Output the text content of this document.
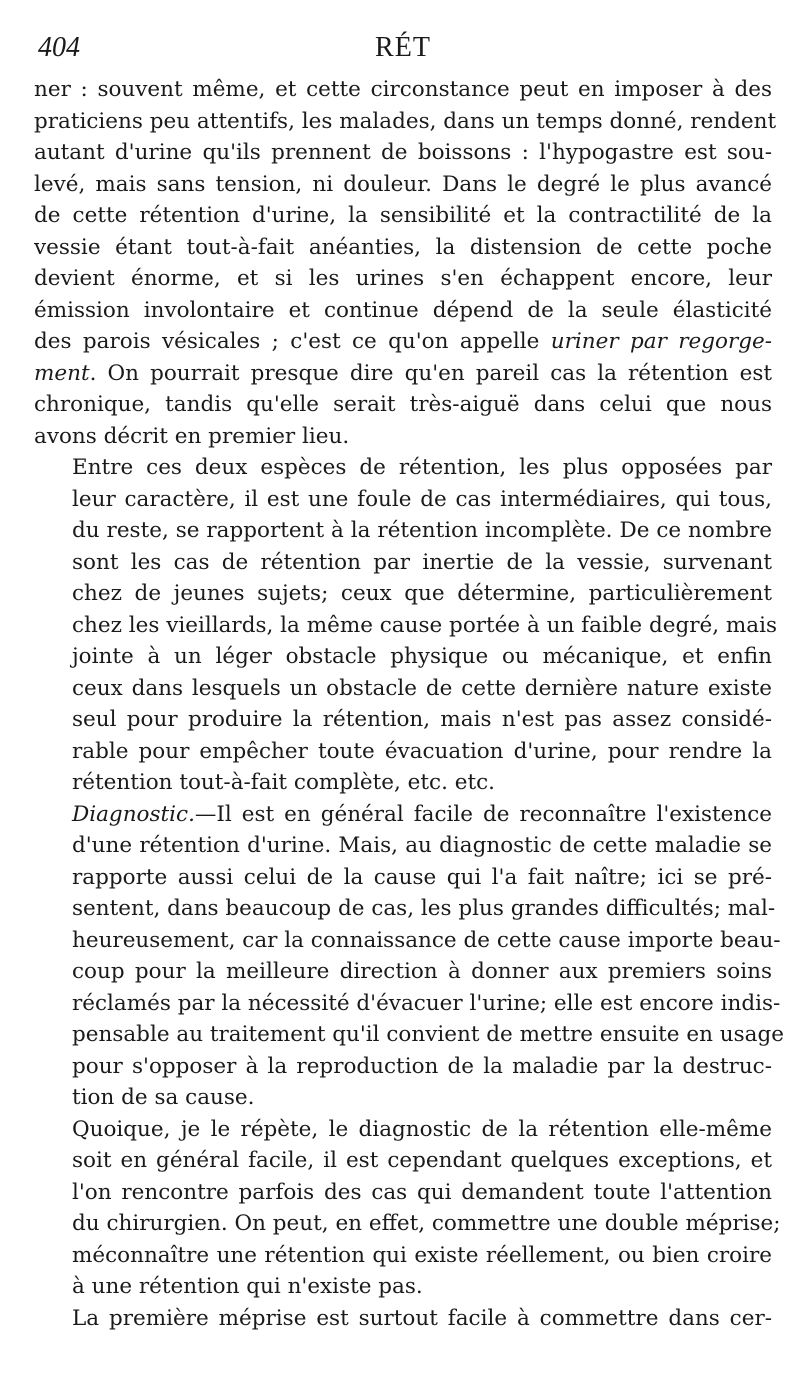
404	RÉT

ner : souvent même, et cette circonstance peut en imposer à des
praticiens peu attentifs, les malades, dans un temps donné, rendent
autant d'urine qu'ils prennent de boissons : l'hypogastre est sou-
levé, mais sans tension, ni douleur. Dans le degré le plus avancé
de cette rétention d'urine, la sensibilité et la contractilité de la
vessie étant tout-à-fait anéanties, la distension de cette poche
devient énorme, et si les urines s'en échappent encore, leur
émission involontaire et continue dépend de la seule élasticité
des parois vésicales ; c'est ce qu'on appelle uriner par regorge-
ment. On pourrait presque dire qu'en pareil cas la rétention est
chronique, tandis qu'elle serait très-aiguë dans celui que nous
avons décrit en premier lieu.

Entre ces deux espèces de rétention, les plus opposées par
leur caractère, il est une foule de cas intermédiaires, qui tous,
du reste, se rapportent à la rétention incomplète. De ce nombre
sont les cas de rétention par inertie de la vessie, survenant
chez de jeunes sujets; ceux que détermine, particulièrement
chez les vieillards, la même cause portée à un faible degré, mais
jointe à un léger obstacle physique ou mécanique, et enfin
ceux dans lesquels un obstacle de cette dernière nature existe
seul pour produire la rétention, mais n'est pas assez considé-
rable pour empêcher toute évacuation d'urine, pour rendre la
rétention tout-à-fait complète, etc. etc.

Diagnostic.—Il est en général facile de reconnaître l'existence
d'une rétention d'urine. Mais, au diagnostic de cette maladie se
rapporte aussi celui de la cause qui l'a fait naître; ici se pré-
sentent, dans beaucoup de cas, les plus grandes difficultés; mal-
heureusement, car la connaissance de cette cause importe beau-
coup pour la meilleure direction à donner aux premiers soins
réclamés par la nécessité d'évacuer l'urine; elle est encore indis-
pensable au traitement qu'il convient de mettre ensuite en usage
pour s'opposer à la reproduction de la maladie par la destruc-
tion de sa cause.

Quoique, je le répète, le diagnostic de la rétention elle-même
soit en général facile, il est cependant quelques exceptions, et
l'on rencontre parfois des cas qui demandent toute l'attention
du chirurgien. On peut, en effet, commettre une double méprise;
méconnaître une rétention qui existe réellement, ou bien croire
à une rétention qui n'existe pas.

La première méprise est surtout facile à commettre dans cer-
